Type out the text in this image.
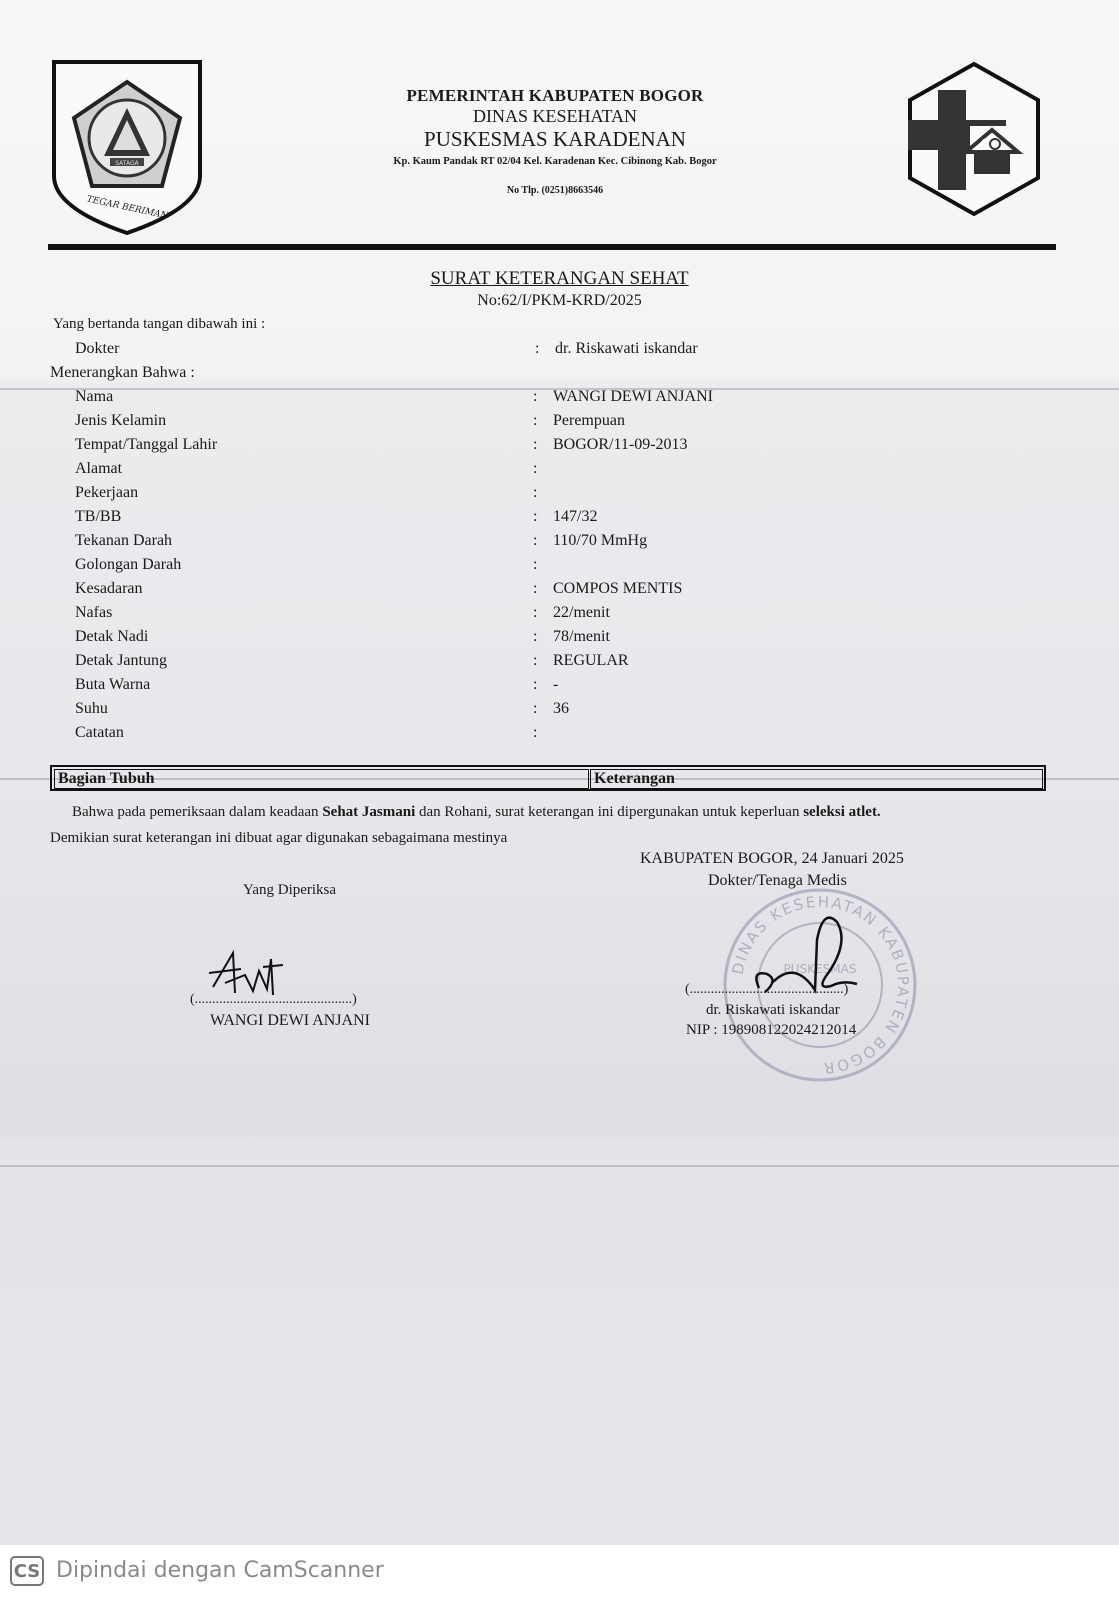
SATAGA
TEGAR BERIMAN
PEMERINTAH KABUPATEN BOGOR
DINAS KESEHATAN
PUSKESMAS KARADENAN
Kp. Kaum Pandak RT 02/04 Kel. Karadenan Kec. Cibinong Kab. Bogor
No Tlp. (0251)8663546
SURAT KETERANGAN SEHAT
No:62/I/PKM-KRD/2025
Yang bertanda tangan dibawah ini :
Dokter	: dr. Riskawati iskandar
Menerangkan Bahwa :
Nama	: WANGI DEWI ANJANI
Jenis Kelamin	: Perempuan
Tempat/Tanggal Lahir	: BOGOR/11-09-2013
Alamat	:
Pekerjaan	:
TB/BB	: 147/32
Tekanan Darah	: 110/70 MmHg
Golongan Darah	:
Kesadaran	: COMPOS MENTIS
Nafas	: 22/menit
Detak Nadi	: 78/menit
Detak Jantung	: REGULAR
Buta Warna	: -
Suhu	: 36
Catatan	:
Bagian Tubuh	Keterangan
Bahwa pada pemeriksaan dalam keadaan Sehat Jasmani dan Rohani, surat keterangan ini dipergunakan untuk keperluan seleksi atlet.
Demikian surat keterangan ini dibuat agar digunakan sebagaimana mestinya
KABUPATEN BOGOR, 24 Januari 2025
Dokter/Tenaga Medis
Yang Diperiksa
(.............................................)
WANGI DEWI ANJANI
DINAS KESEHATAN KABUPATEN BOGOR
PUSKESMAS
(............................................)
dr. Riskawati iskandar
NIP : 198908122024212014
CS Dipindai dengan CamScanner
